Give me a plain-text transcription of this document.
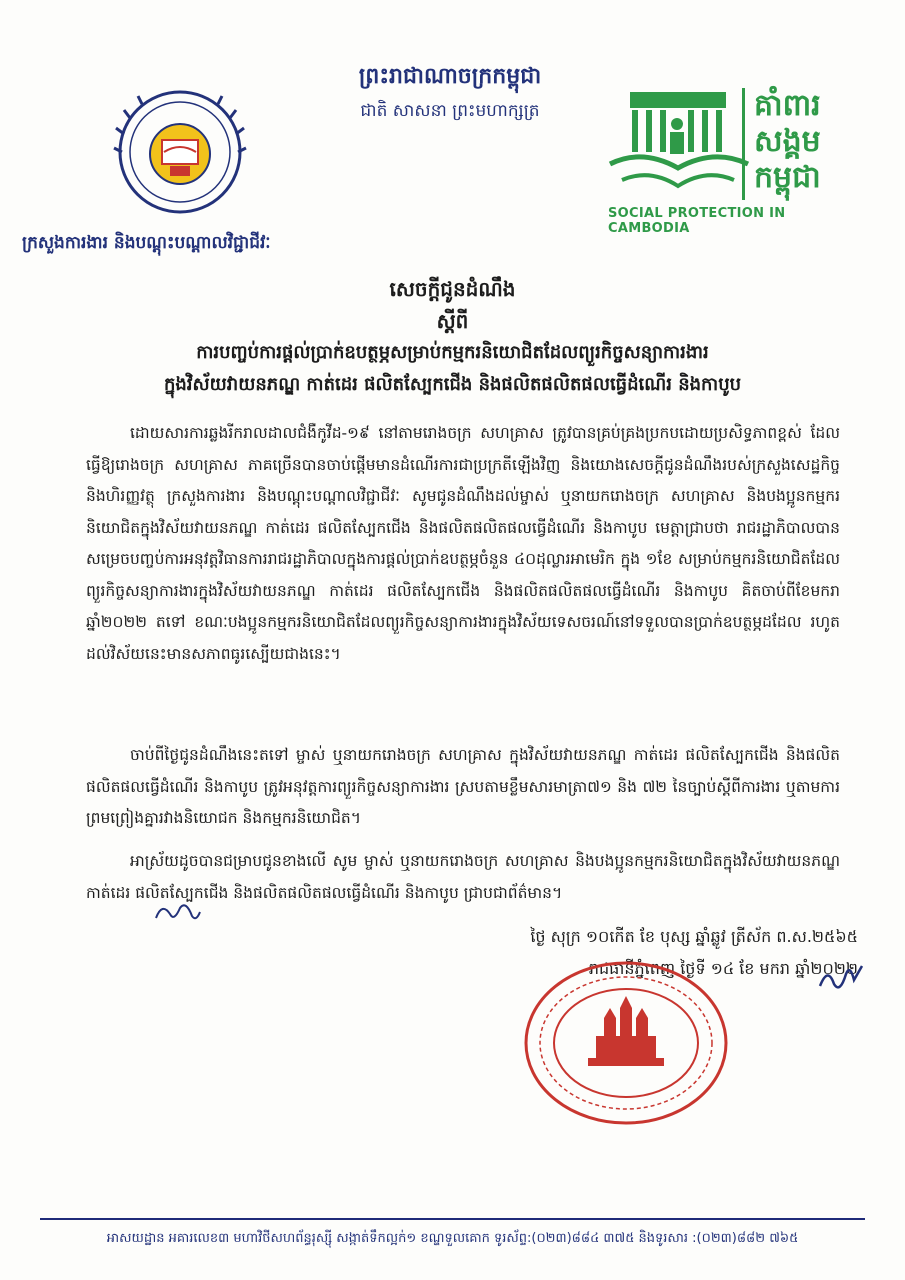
ព្រះរាជាណាចក្រកម្ពុជា
ជាតិ សាសនា ព្រះមហាក្សត្រ	គាំពារ សង្គម កម្ពុជា
SOCIAL PROTECTION IN CAMBODIA
ក្រសួងការងារ និងបណ្តុះបណ្តាលវិជ្ជាជីវៈ
សេចក្តីជូនដំណឹង
ស្តីពី
ការបញ្ចប់ការផ្តល់ប្រាក់ឧបត្ថម្ភសម្រាប់កម្មករនិយោជិតដែលព្យួរកិច្ចសន្យាការងារ
ក្នុងវិស័យវាយនភណ្ឌ កាត់ដេរ ផលិតស្បែកជើង និងផលិតផលិតផលធ្វើដំណើរ និងកាបូប
ដោយសារការឆ្លងរីករាលដាលជំងឺកូវីដ-១៩ នៅតាមរោងចក្រ សហគ្រាស ត្រូវបានគ្រប់គ្រងប្រកបដោយប្រសិទ្ធភាពខ្ពស់ ដែលធ្វើឱ្យរោងចក្រ សហគ្រាស ភាគច្រើនបានចាប់ផ្តើមមានដំណើរការជាប្រក្រតីឡើងវិញ និងយោងសេចក្តីជូនដំណឹងរបស់ក្រសួងសេដ្ឋកិច្ច និងហិរញ្ញវត្ថុ ក្រសួងការងារ និងបណ្តុះបណ្តាលវិជ្ជាជីវៈ សូមជូនដំណឹងដល់ម្ចាស់ ឬនាយករោងចក្រ សហគ្រាស និងបងប្អូនកម្មករនិយោជិតក្នុងវិស័យវាយនភណ្ឌ កាត់ដេរ ផលិតស្បែកជើង និងផលិតផលិតផលធ្វើដំណើរ និងកាបូប មេត្តាជ្រាបថា រាជរដ្ឋាភិបាលបានសម្រេចបញ្ចប់ការអនុវត្តវិធានការរាជរដ្ឋាភិបាលក្នុងការផ្តល់ប្រាក់ឧបត្ថម្ភចំនួន ៤០ដុល្លារអាមេរិក ក្នុង ១ខែ សម្រាប់កម្មករនិយោជិតដែលព្យួរកិច្ចសន្យាការងារក្នុងវិស័យវាយនភណ្ឌ កាត់ដេរ ផលិតស្បែកជើង និងផលិតផលិតផលធ្វើដំណើរ និងកាបូប គិតចាប់ពីខែមករា ឆ្នាំ២០២២ តទៅ ខណៈបងប្អូនកម្មករនិយោជិតដែលព្យួរកិច្ចសន្យាការងារក្នុងវិស័យទេសចរណ៍នៅទទួលបានប្រាក់ឧបត្ថម្ភដដែល រហូតដល់វិស័យនេះមានសភាពធូរស្បើយជាងនេះ។
ចាប់ពីថ្ងៃជូនដំណឹងនេះតទៅ ម្ចាស់ ឬនាយករោងចក្រ សហគ្រាស ក្នុងវិស័យវាយនភណ្ឌ កាត់ដេរ ផលិតស្បែកជើង និងផលិតផលិតផលធ្វើដំណើរ និងកាបូប ត្រូវអនុវត្តការព្យួរកិច្ចសន្យាការងារ ស្របតាមខ្លឹមសារមាត្រា៧១ និង ៧២ នៃច្បាប់ស្តីពីការងារ ឬតាមការព្រមព្រៀងគ្នារវាងនិយោជក និងកម្មករនិយោជិត។
អាស្រ័យដូចបានជម្រាបជូនខាងលើ សូម ម្ចាស់ ឬនាយករោងចក្រ សហគ្រាស និងបងប្អូនកម្មករនិយោជិតក្នុងវិស័យវាយនភណ្ឌ កាត់ដេរ ផលិតស្បែកជើង និងផលិតផលិតផលធ្វើដំណើរ និងកាបូប ជ្រាបជាព័ត៌មាន។
ថ្ងៃ សុក្រ ១០កើត ខែ បុស្ស ឆ្នាំឆ្លូវ ត្រីស័ក ព.ស.២៥៦៥
រាជធានីភ្នំពេញ ថ្ងៃទី ១៤ ខែ មករា ឆ្នាំ២០២២
អាសយដ្ឋាន អគារលេខ៣ មហាវិថីសហព័ន្ធរុស្ស៊ី សង្កាត់ទឹកល្អក់១ ខណ្ឌទួលគោក ទូរស័ព្ទ:(០២៣)៨៨៤ ៣៧៥ និងទូរសារ :(០២៣)៨៨២ ៧៦៥
